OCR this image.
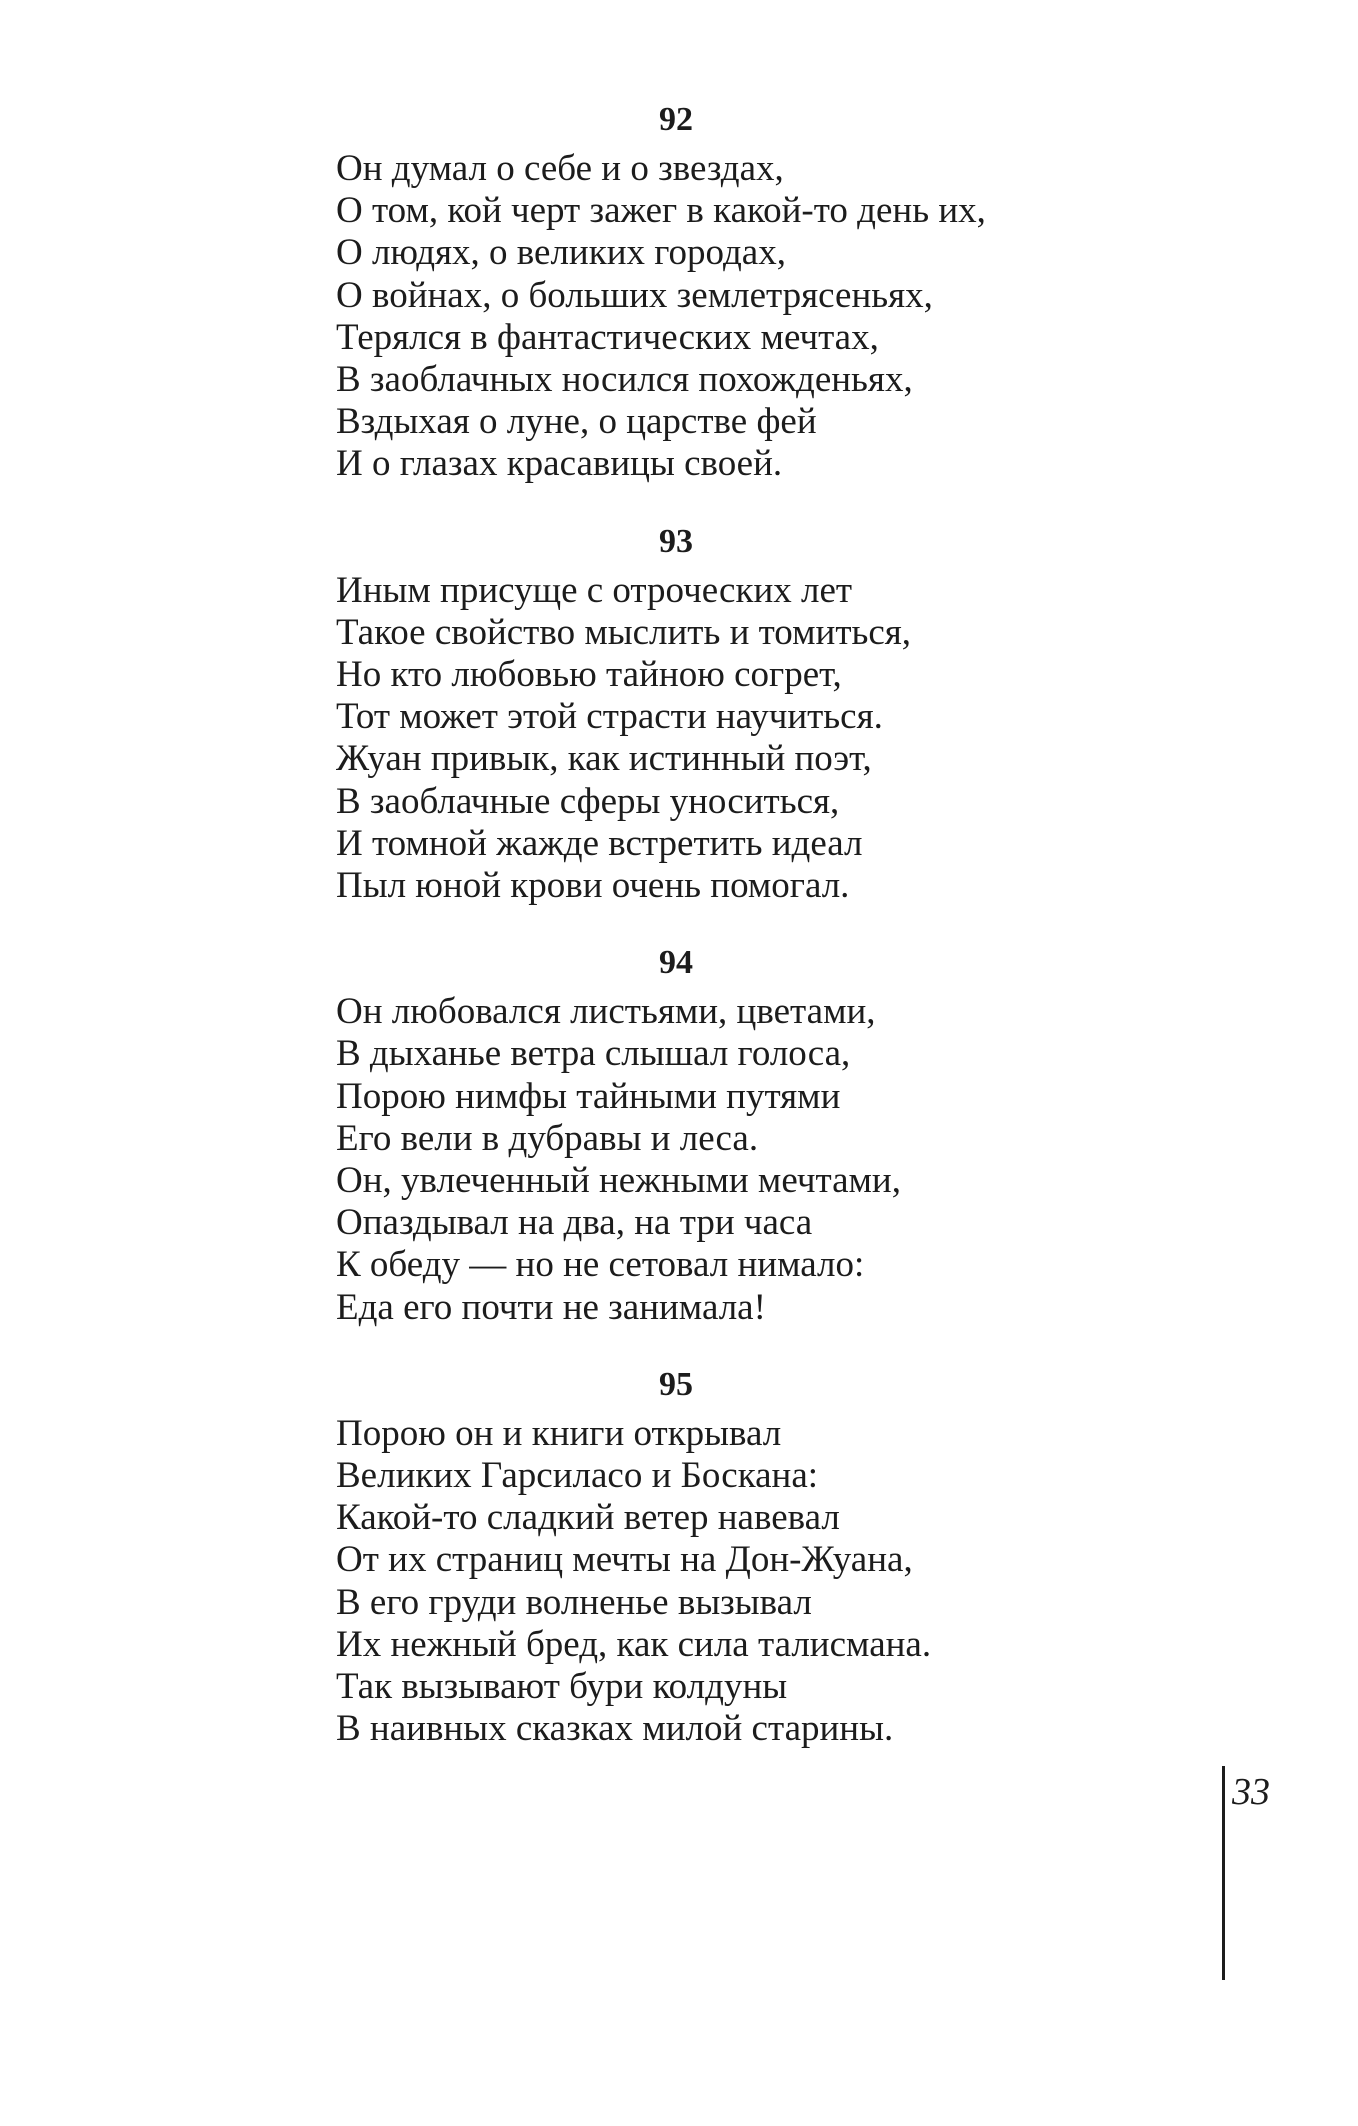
92
Он думал о себе и о звездах,
О том, кой черт зажег в какой-то день их,
О людях, о великих городах,
О войнах, о больших землетрясеньях,
Терялся в фантастических мечтах,
В заоблачных носился похожденьях,
Вздыхая о луне, о царстве фей
И о глазах красавицы своей.
93
Иным присуще с отроческих лет
Такое свойство мыслить и томиться,
Но кто любовью тайною согрет,
Тот может этой страсти научиться.
Жуан привык, как истинный поэт,
В заоблачные сферы уноситься,
И томной жажде встретить идеал
Пыл юной крови очень помогал.
94
Он любовался листьями, цветами,
В дыханье ветра слышал голоса,
Порою нимфы тайными путями
Его вели в дубравы и леса.
Он, увлеченный нежными мечтами,
Опаздывал на два, на три часа
К обеду — но не сетовал нимало:
Еда его почти не занимала!
95
Порою он и книги открывал
Великих Гарсиласо и Боскана:
Какой-то сладкий ветер навевал
От их страниц мечты на Дон-Жуана,
В его груди волненье вызывал
Их нежный бред, как сила талисмана.
Так вызывают бури колдуны
В наивных сказках милой старины.
33
